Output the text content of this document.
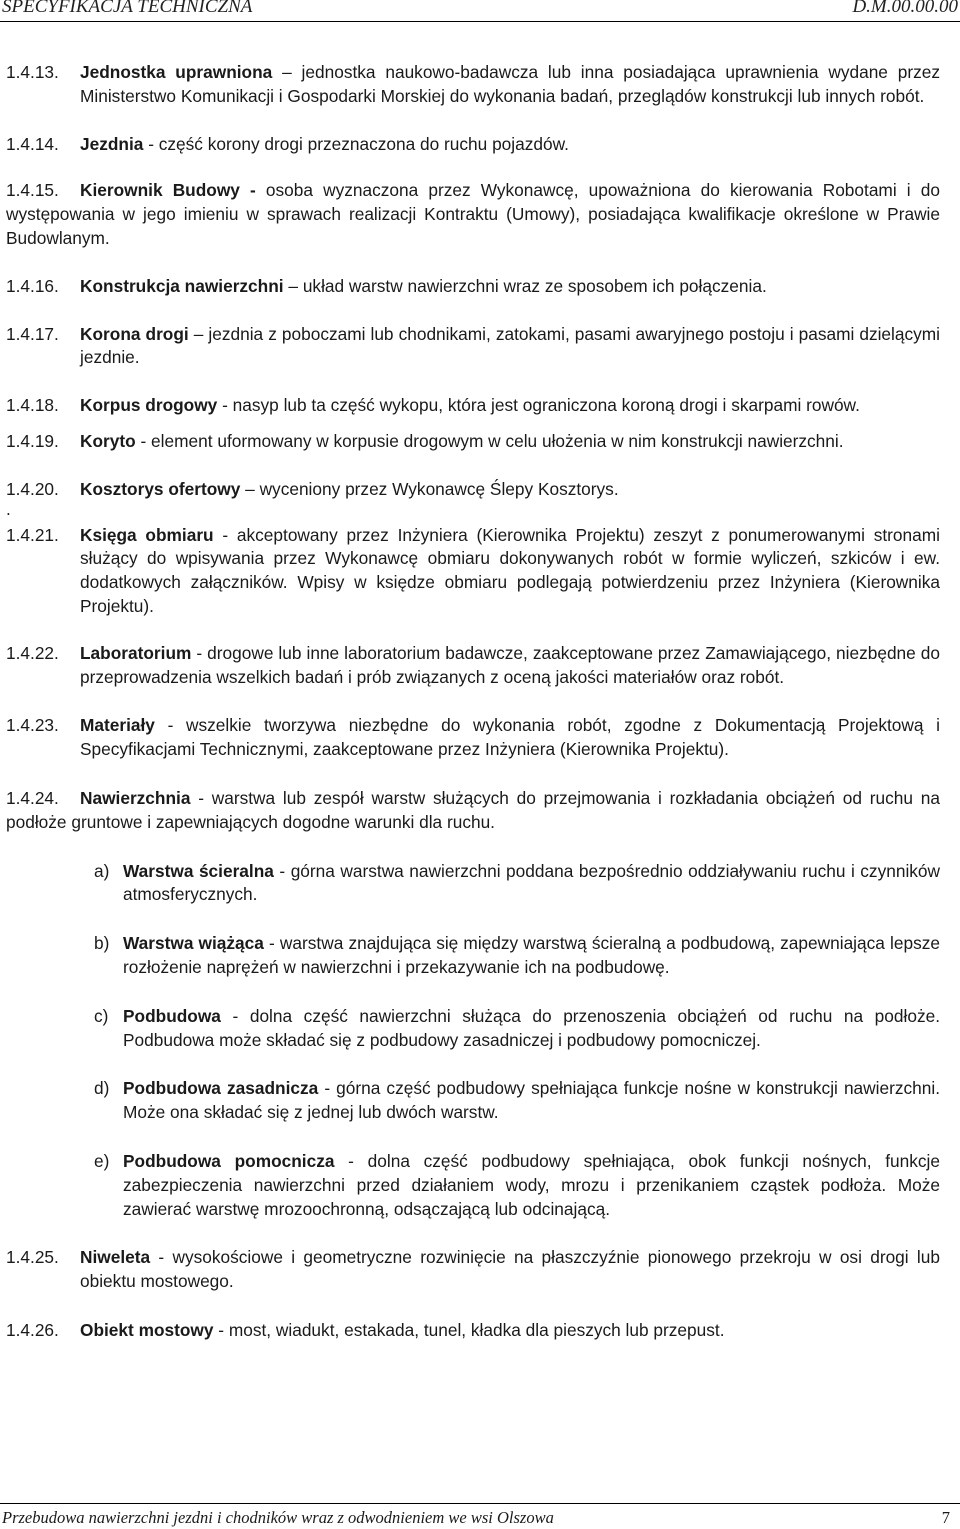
SPECYFIKACJA TECHNICZNA	D.M.00.00.00
1.4.13. Jednostka uprawniona – jednostka naukowo-badawcza lub inna posiadająca uprawnienia wydane przez Ministerstwo Komunikacji i Gospodarki Morskiej do wykonania badań, przeglądów konstrukcji lub innych robót.

1.4.14. Jezdnia - część korony drogi przeznaczona do ruchu pojazdów.

1.4.15.	Kierownik Budowy - osoba wyznaczona przez Wykonawcę, upoważniona do kierowania Robotami i do występowania w jego imieniu w sprawach realizacji Kontraktu (Umowy), posiadająca kwalifikacje określone w Prawie Budowlanym.

1.4.16. Konstrukcja nawierzchni – układ warstw nawierzchni wraz ze sposobem ich połączenia.

1.4.17. Korona drogi – jezdnia z poboczami lub chodnikami, zatokami, pasami awaryjnego postoju i pasami dzielącymi jezdnie.

1.4.18. Korpus drogowy - nasyp lub ta część wykopu, która jest ograniczona koroną drogi i skarpami rowów.

1.4.19. Koryto - element uformowany w korpusie drogowym w celu ułożenia w nim konstrukcji nawierzchni.

1.4.20. Kosztorys ofertowy – wyceniony przez Wykonawcę Ślepy Kosztorys.

.
1.4.21. Księga obmiaru - akceptowany przez Inżyniera (Kierownika Projektu) zeszyt z ponumerowanymi stronami służący do wpisywania przez Wykonawcę obmiaru dokonywanych robót w formie wyliczeń, szkiców i ew. dodatkowych załączników. Wpisy w księdze obmiaru podlegają potwierdzeniu przez Inżyniera (Kierownika Projektu).

1.4.22. Laboratorium - drogowe lub inne laboratorium badawcze, zaakceptowane przez Zamawiającego, niezbędne do przeprowadzenia wszelkich badań i prób związanych z oceną jakości materiałów oraz robót.

1.4.23. Materiały - wszelkie tworzywa niezbędne do wykonania robót, zgodne z Dokumentacją Projektową i Specyfikacjami Technicznymi, zaakceptowane przez Inżyniera (Kierownika Projektu).

1.4.24.	Nawierzchnia - warstwa lub zespół warstw służących do przejmowania i rozkładania obciążeń od ruchu na podłoże gruntowe i zapewniających dogodne warunki dla ruchu.

a) Warstwa ścieralna - górna warstwa nawierzchni poddana bezpośrednio oddziaływaniu ruchu i czynników atmosferycznych.

b) Warstwa wiążąca - warstwa znajdująca się między warstwą ścieralną a podbudową, zapewniająca lepsze rozłożenie naprężeń w nawierzchni i przekazywanie ich na podbudowę.

c) Podbudowa - dolna część nawierzchni służąca do przenoszenia obciążeń od ruchu na podłoże. Podbudowa może składać się z podbudowy zasadniczej i podbudowy pomocniczej.

d) Podbudowa zasadnicza - górna część podbudowy spełniająca funkcje nośne w konstrukcji nawierzchni. Może ona składać się z jednej lub dwóch warstw.

e) Podbudowa pomocnicza - dolna część podbudowy spełniająca, obok funkcji nośnych, funkcje zabezpieczenia nawierzchni przed działaniem wody, mrozu i przenikaniem cząstek podłoża. Może zawierać warstwę mrozoochronną, odsączającą lub odcinającą.

1.4.25. Niweleta - wysokościowe i geometryczne rozwinięcie na płaszczyźnie pionowego przekroju w osi drogi lub obiektu mostowego.

1.4.26. Obiekt mostowy - most, wiadukt, estakada, tunel, kładka dla pieszych lub przepust.

Przebudowa nawierzchni jezdni i chodników wraz z odwodnieniem we wsi Olszowa	7
